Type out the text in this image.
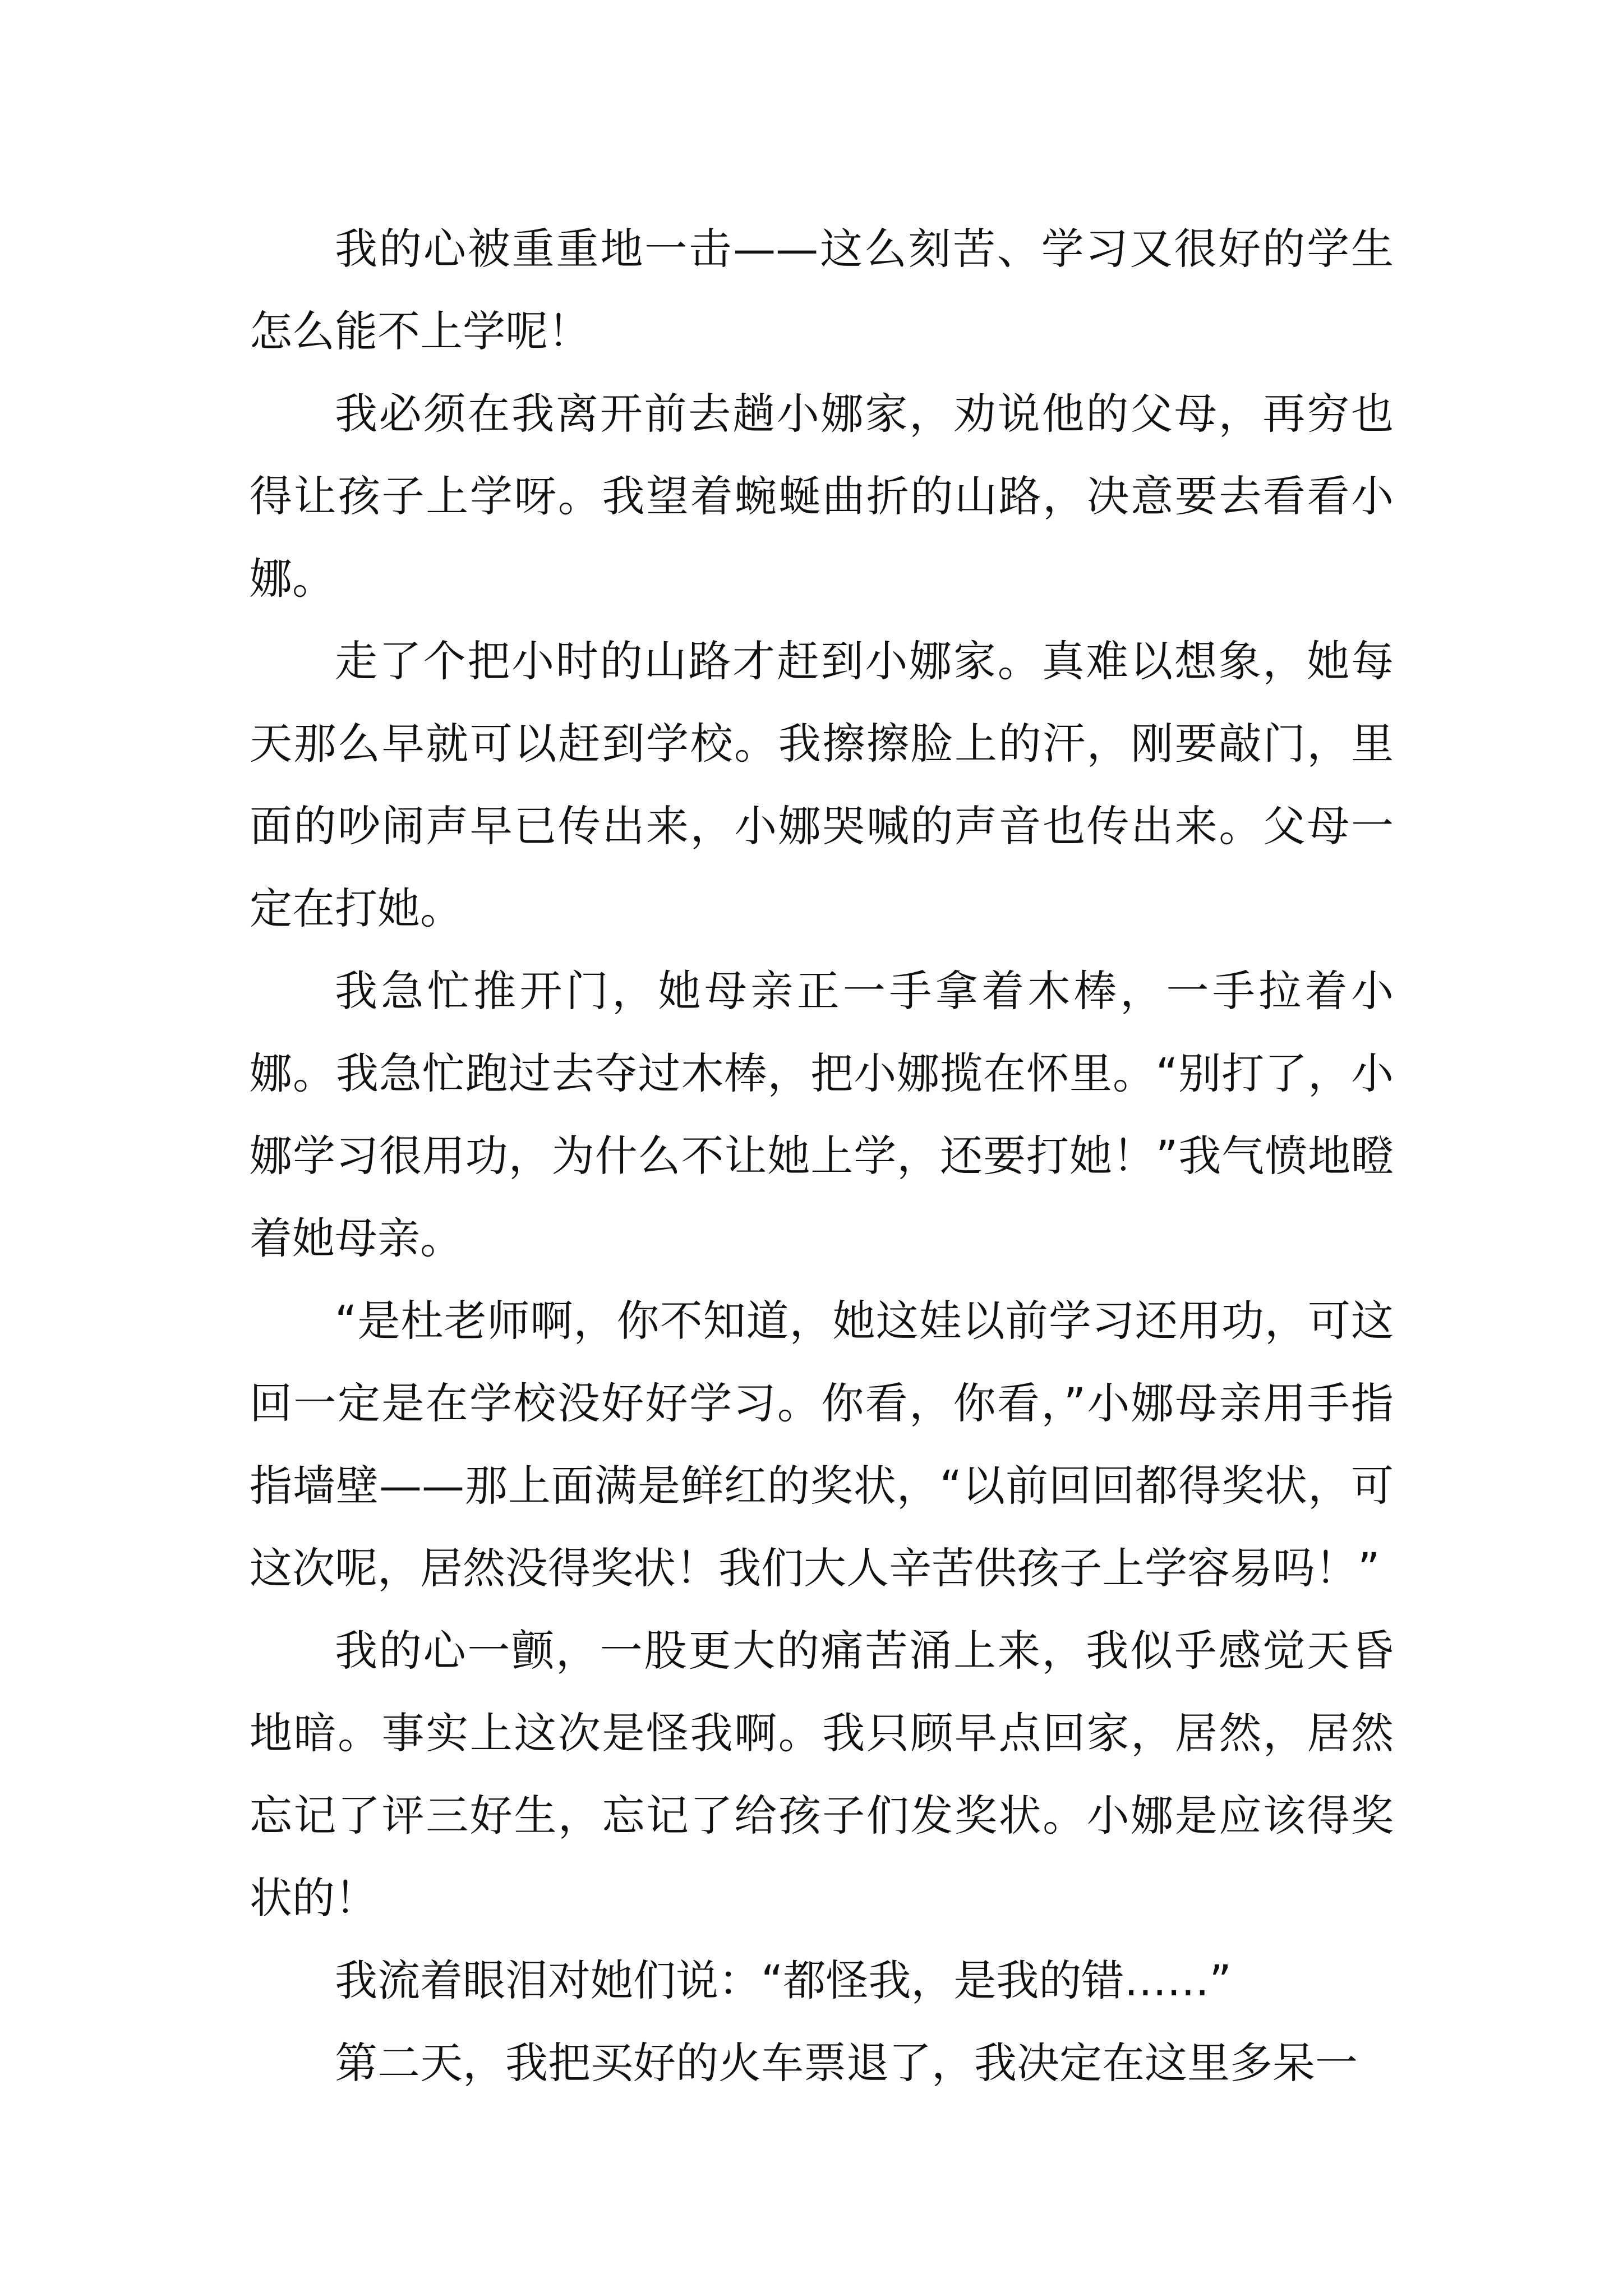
我的心被重重地一击——这么刻苦、学习又很好的学生怎么能不上学呢！

我必须在我离开前去趟小娜家，劝说他的父母，再穷也得让孩子上学呀。我望着蜿蜒曲折的山路，决意要去看看小娜。

走了个把小时的山路才赶到小娜家。真难以想象，她每天那么早就可以赶到学校。我擦擦脸上的汗，刚要敲门，里面的吵闹声早已传出来，小娜哭喊的声音也传出来。父母一定在打她。

我急忙推开门，她母亲正一手拿着木棒，一手拉着小娜。我急忙跑过去夺过木棒，把小娜揽在怀里。“别打了，小娜学习很用功，为什么不让她上学，还要打她！”我气愤地瞪着她母亲。

“是杜老师啊，你不知道，她这娃以前学习还用功，可这回一定是在学校没好好学习。你看，你看，”小娜母亲用手指指墙壁——那上面满是鲜红的奖状，“以前回回都得奖状，可这次呢，居然没得奖状！我们大人辛苦供孩子上学容易吗！”

我的心一颤，一股更大的痛苦涌上来，我似乎感觉天昏地暗。事实上这次是怪我啊。我只顾早点回家，居然，居然忘记了评三好生，忘记了给孩子们发奖状。小娜是应该得奖状的！

我流着眼泪对她们说：“都怪我，是我的错……”

第二天，我把买好的火车票退了，我决定在这里多呆一
